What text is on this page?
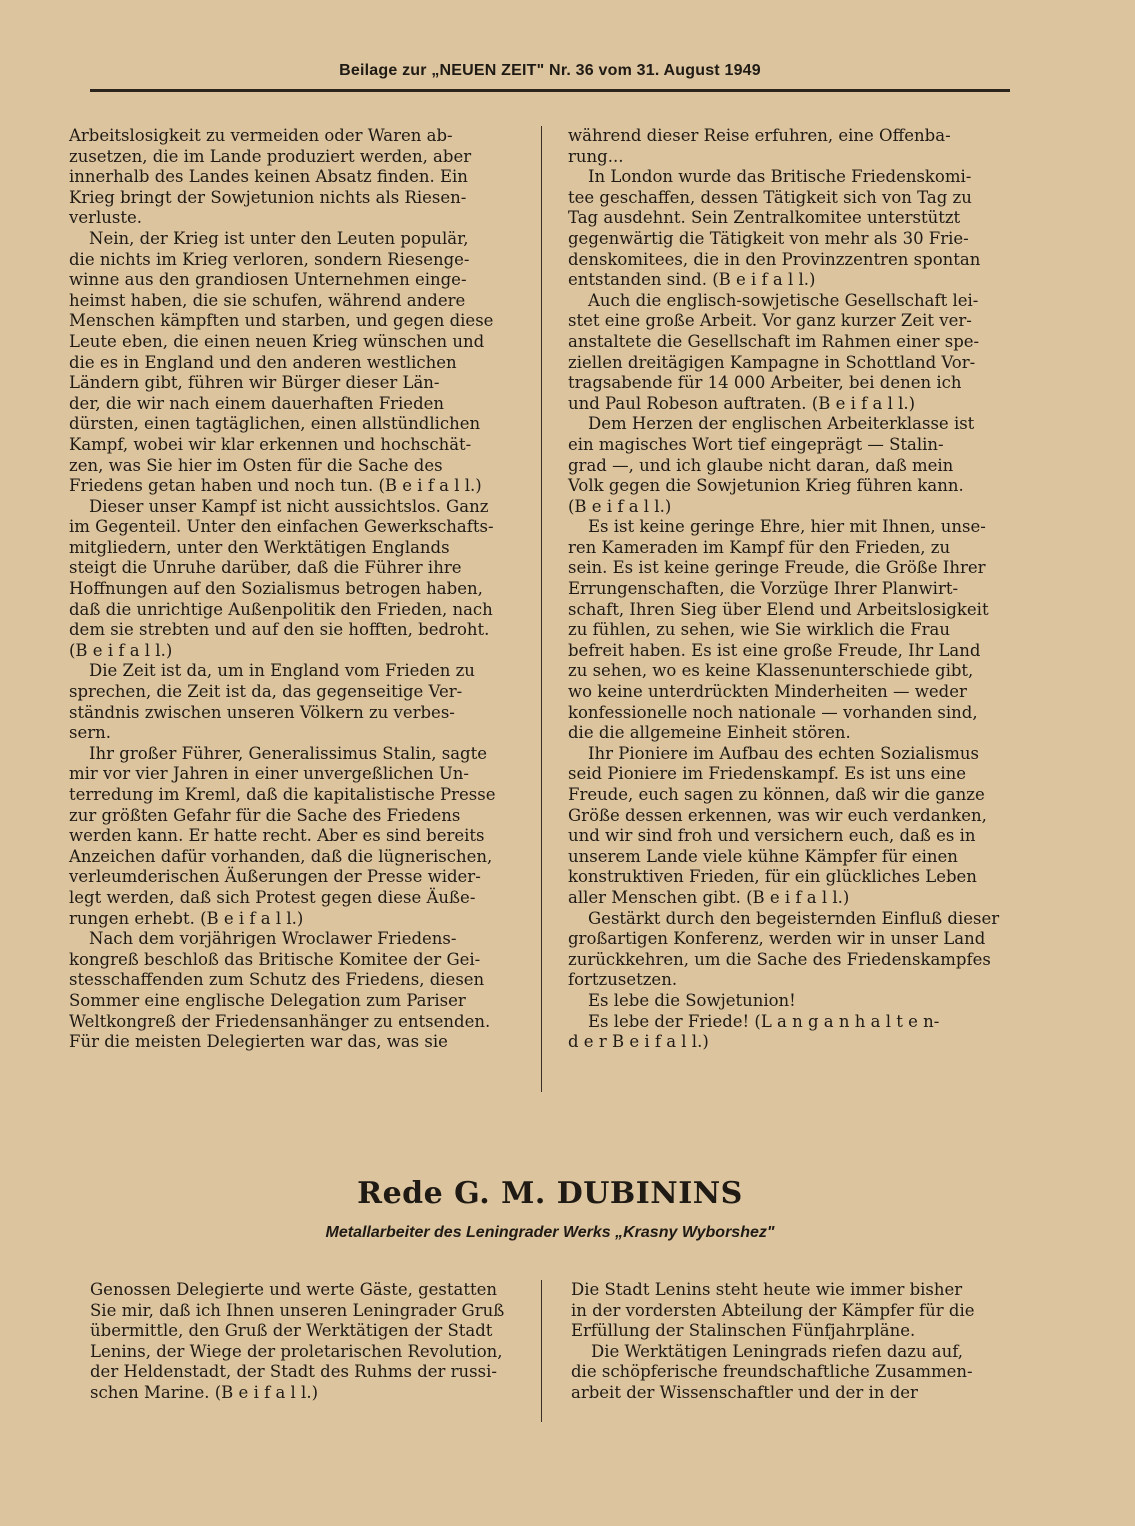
Beilage zur „NEUEN ZEIT" Nr. 36 vom 31. August 1949

Arbeitslosigkeit zu vermeiden oder Waren ab-
zusetzen, die im Lande produziert werden, aber
innerhalb des Landes keinen Absatz finden. Ein
Krieg bringt der Sowjetunion nichts als Riesen-
verluste.

Nein, der Krieg ist unter den Leuten populär,
die nichts im Krieg verloren, sondern Riesenge-
winne aus den grandiosen Unternehmen einge-
heimst haben, die sie schufen, während andere
Menschen kämpften und starben, und gegen diese
Leute eben, die einen neuen Krieg wünschen und
die es in England und den anderen westlichen
Ländern gibt, führen wir Bürger dieser Län-
der, die wir nach einem dauerhaften Frieden
dürsten, einen tagtäglichen, einen allstündlichen
Kampf, wobei wir klar erkennen und hochschät-
zen, was Sie hier im Osten für die Sache des
Friedens getan haben und noch tun. (B e i f a l l.)

Dieser unser Kampf ist nicht aussichtslos. Ganz
im Gegenteil. Unter den einfachen Gewerkschafts-
mitgliedern, unter den Werktätigen Englands
steigt die Unruhe darüber, daß die Führer ihre
Hoffnungen auf den Sozialismus betrogen haben,
daß die unrichtige Außenpolitik den Frieden, nach
dem sie strebten und auf den sie hofften, bedroht.
(B e i f a l l.)

Die Zeit ist da, um in England vom Frieden zu
sprechen, die Zeit ist da, das gegenseitige Ver-
ständnis zwischen unseren Völkern zu verbes-
sern.

Ihr großer Führer, Generalissimus Stalin, sagte
mir vor vier Jahren in einer unvergeßlichen Un-
terredung im Kreml, daß die kapitalistische Presse
zur größten Gefahr für die Sache des Friedens
werden kann. Er hatte recht. Aber es sind bereits
Anzeichen dafür vorhanden, daß die lügnerischen,
verleumderischen Äußerungen der Presse wider-
legt werden, daß sich Protest gegen diese Äuße-
rungen erhebt. (B e i f a l l.)

Nach dem vorjährigen Wroclawer Friedens-
kongreß beschloß das Britische Komitee der Gei-
stesschaffenden zum Schutz des Friedens, diesen
Sommer eine englische Delegation zum Pariser
Weltkongreß der Friedensanhänger zu entsenden.
Für die meisten Delegierten war das, was sie

während dieser Reise erfuhren, eine Offenba-
rung...

In London wurde das Britische Friedenskomi-
tee geschaffen, dessen Tätigkeit sich von Tag zu
Tag ausdehnt. Sein Zentralkomitee unterstützt
gegenwärtig die Tätigkeit von mehr als 30 Frie-
denskomitees, die in den Provinzzentren spontan
entstanden sind. (B e i f a l l.)

Auch die englisch-sowjetische Gesellschaft lei-
stet eine große Arbeit. Vor ganz kurzer Zeit ver-
anstaltete die Gesellschaft im Rahmen einer spe-
ziellen dreitägigen Kampagne in Schottland Vor-
tragsabende für 14 000 Arbeiter, bei denen ich
und Paul Robeson auftraten. (B e i f a l l.)

Dem Herzen der englischen Arbeiterklasse ist
ein magisches Wort tief eingeprägt — Stalin-
grad —, und ich glaube nicht daran, daß mein
Volk gegen die Sowjetunion Krieg führen kann.
(B e i f a l l.)

Es ist keine geringe Ehre, hier mit Ihnen, unse-
ren Kameraden im Kampf für den Frieden, zu
sein. Es ist keine geringe Freude, die Größe Ihrer
Errungenschaften, die Vorzüge Ihrer Planwirt-
schaft, Ihren Sieg über Elend und Arbeitslosigkeit
zu fühlen, zu sehen, wie Sie wirklich die Frau
befreit haben. Es ist eine große Freude, Ihr Land
zu sehen, wo es keine Klassenunterschiede gibt,
wo keine unterdrückten Minderheiten — weder
konfessionelle noch nationale — vorhanden sind,
die die allgemeine Einheit stören.

Ihr Pioniere im Aufbau des echten Sozialismus
seid Pioniere im Friedenskampf. Es ist uns eine
Freude, euch sagen zu können, daß wir die ganze
Größe dessen erkennen, was wir euch verdanken,
und wir sind froh und versichern euch, daß es in
unserem Lande viele kühne Kämpfer für einen
konstruktiven Frieden, für ein glückliches Leben
aller Menschen gibt. (B e i f a l l.)

Gestärkt durch den begeisternden Einfluß dieser
großartigen Konferenz, werden wir in unser Land
zurückkehren, um die Sache des Friedenskampfes
fortzusetzen.

Es lebe die Sowjetunion!

Es lebe der Friede! (L a n g a n h a l t e n-
d e r B e i f a l l.)

Rede G. M. DUBININS
Metallarbeiter des Leningrader Werks „Krasny Wyborshez"

Genossen Delegierte und werte Gäste, gestatten
Sie mir, daß ich Ihnen unseren Leningrader Gruß
übermittle, den Gruß der Werktätigen der Stadt
Lenins, der Wiege der proletarischen Revolution,
der Heldenstadt, der Stadt des Ruhms der russi-
schen Marine. (B e i f a l l.)

Die Stadt Lenins steht heute wie immer bisher
in der vordersten Abteilung der Kämpfer für die
Erfüllung der Stalinschen Fünfjahrpläne.

Die Werktätigen Leningrads riefen dazu auf,
die schöpferische freundschaftliche Zusammen-
arbeit der Wissenschaftler und der in der
